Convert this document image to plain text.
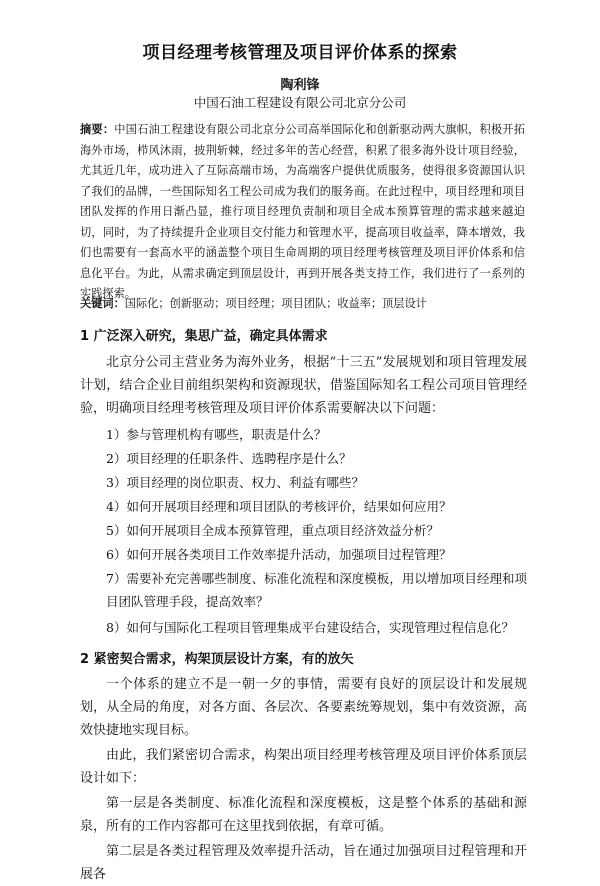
项目经理考核管理及项目评价体系的探索
陶利锋
中国石油工程建设有限公司北京分公司
摘要：中国石油工程建设有限公司北京分公司高举国际化和创新驱动两大旗帜，积极开拓海外市场，栉风沐雨，披荆斩棘，经过多年的苦心经营，积累了很多海外设计项目经验，尤其近几年，成功进入了互际高端市场，为高端客户提供优质服务，使得很多资源国认识了我们的品牌，一些国际知名工程公司成为我们的服务商。在此过程中，项目经理和项目团队发挥的作用日渐凸显，推行项目经理负责制和项目全成本预算管理的需求越来越迫切，同时，为了持续提升企业项目交付能力和管理水平，提高项目收益率，降本增效，我们也需要有一套高水平的涵盖整个项目生命周期的项目经理考核管理及项目评价体系和信息化平台。为此，从需求确定到顶层设计，再到开展各类支持工作，我们进行了一系列的实践探索。
关键词：国际化；创新驱动；项目经理；项目团队；收益率；顶层设计
1 广泛深入研究，集思广益，确定具体需求

北京分公司主营业务为海外业务，根据“十三五”发展规划和项目管理发展计划，结合企业目前组织架构和资源现状，借鉴国际知名工程公司项目管理经验，明确项目经理考核管理及项目评价体系需要解决以下问题：

1）参与管理机构有哪些，职责是什么？

2）项目经理的任职条件、选聘程序是什么？

3）项目经理的岗位职责、权力、利益有哪些？

4）如何开展项目经理和项目团队的考核评价，结果如何应用？

5）如何开展项目全成本预算管理，重点项目经济效益分析？

6）如何开展各类项目工作效率提升活动，加强项目过程管理？

7）需要补充完善哪些制度、标准化流程和深度模板，用以增加项目经理和项目团队管理手段，提高效率？

8）如何与国际化工程项目管理集成平台建设结合，实现管理过程信息化？

2 紧密契合需求，构架顶层设计方案，有的放矢

一个体系的建立不是一朝一夕的事情，需要有良好的顶层设计和发展规划，从全局的角度，对各方面、各层次、各要素统筹规划，集中有效资源，高效快捷地实现目标。

由此，我们紧密切合需求，构架出项目经理考核管理及项目评价体系顶层设计如下：

第一层是各类制度、标准化流程和深度模板，这是整个体系的基础和源泉，所有的工作内容都可在这里找到依据，有章可循。

第二层是各类过程管理及效率提升活动，旨在通过加强项目过程管理和开展各
